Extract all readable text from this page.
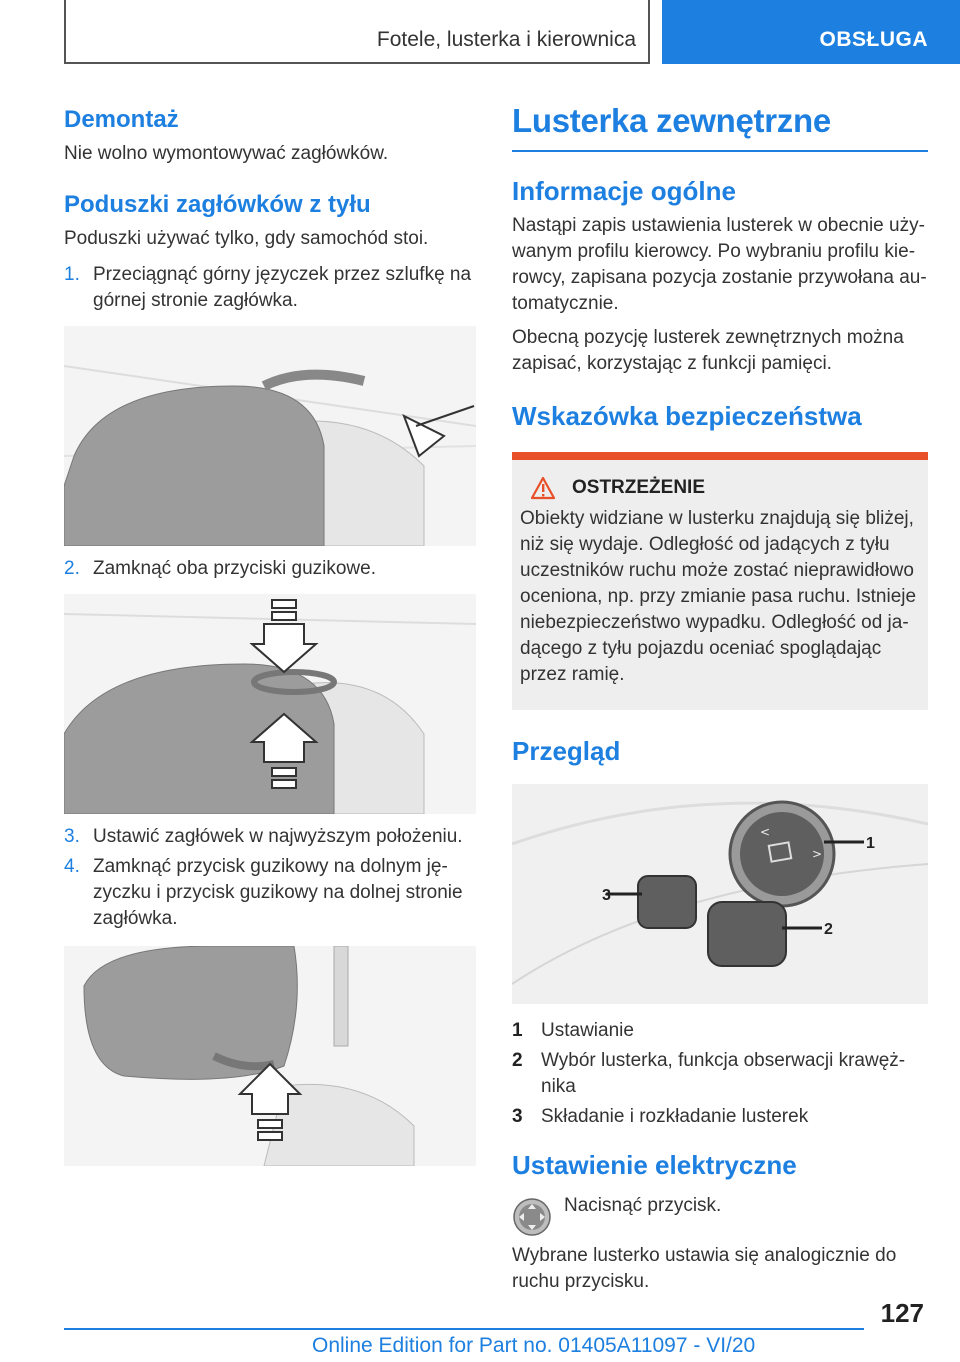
Fotele, lusterka i kierownica	OBSŁUGA
Demontaż

Nie wolno wymontowywać zagłówków.

Poduszki zagłówków z tyłu

Poduszki używać tylko, gdy samochód stoi.

1. Przeciągnąć górny języczek przez szlufkę na górnej stronie zagłówka.
2. Zamknąć oba przyciski guzikowe.
3. Ustawić zagłówek w najwyższym położeniu.
4. Zamknąć przycisk guzikowy na dolnym języczku i przycisk guzikowy na dolnej stronie zagłówka.
Lusterka zewnętrzne
Informacje ogólne

Nastąpi zapis ustawienia lusterek w obecnie używanym profilu kierowcy. Po wybraniu profilu kierowcy, zapisana pozycja zostanie przywołana automatycznie.

Obecną pozycję lusterek zewnętrznych można zapisać, korzystając z funkcji pamięci.

Wskazówka bezpieczeństwa
OSTRZEŻENIE

Obiekty widziane w lusterku znajdują się bliżej, niż się wydaje. Odległość od jadących z tyłu uczestników ruchu może zostać nieprawidłowo oceniona, np. przy zmianie pasa ruchu. Istnieje niebezpieczeństwo wypadku. Odległość od jadącego z tyłu pojazdu oceniać spoglądając przez ramię.

Przegląd
<
>
1
3
2
1 Ustawianie
2 Wybór lusterka, funkcja obserwacji krawężnika
3 Składanie i rozkładanie lusterek
Ustawienie elektryczne

Nacisnąć przycisk.

Wybrane lusterko ustawia się analogicznie do ruchu przycisku.

127
Online Edition for Part no. 01405A11097 - VI/20
